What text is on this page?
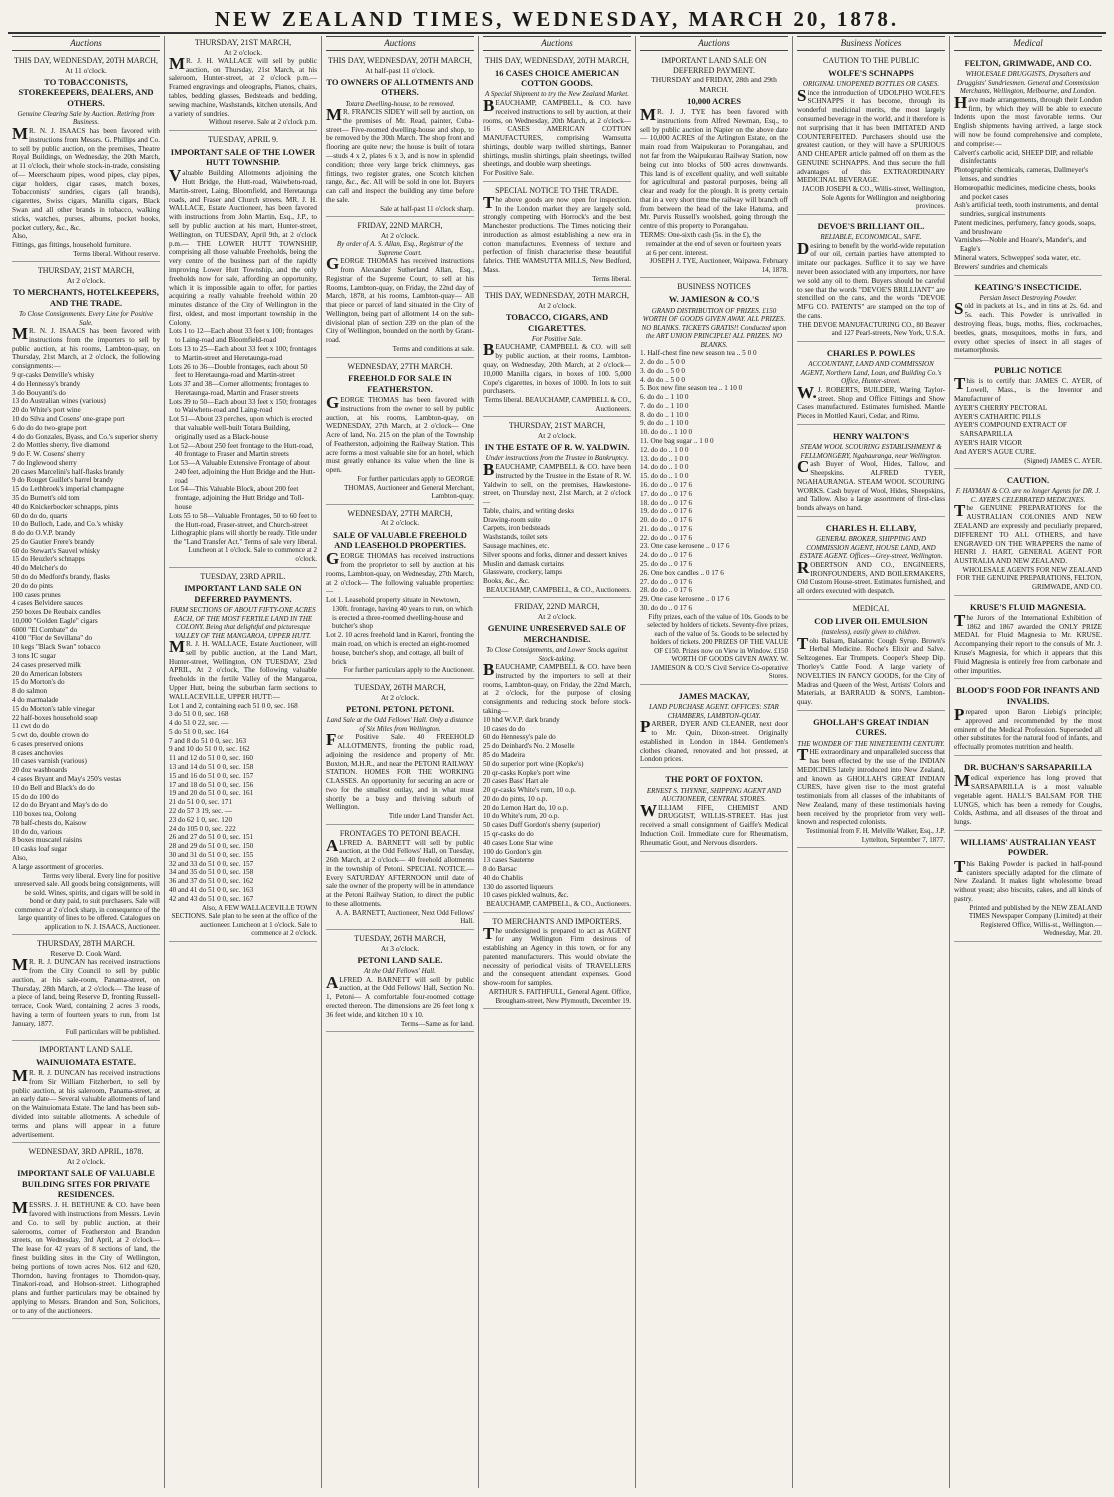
NEW ZEALAND TIMES, WEDNESDAY, MARCH 20, 1878.
Auctions
THIS DAY, WEDNESDAY, 20TH MARCH,
At 11 o'clock.
TO TOBACCONISTS, STOREKEEPERS, DEALERS, AND OTHERS.
Genuine Clearing Sale by Auction. Retiring from Business.
MR. N. J. ISAACS has been favored with instructions from Messrs. G. Phillips and Co. to sell by public auction, on the premises, Theatre Royal Buildings, on Wednesday, the 20th March, at 11 o'clock, their whole stock-in-trade, consisting of— Meerschaum pipes, wood pipes, clay pipes, cigar holders, cigar cases, match boxes, Tobacconists' sundries, cigars (all brands), cigarettes, Swiss cigars, Manilla cigars, Black Swan and all other brands in tobacco, walking sticks, watches, purses, albums, pocket books, pocket cutlery, &c., &c.
Also,
Fittings, gas fittings, household furniture.
Terms liberal. Without reserve.
THURSDAY, 21ST MARCH,
At 2 o'clock.
TO MERCHANTS, HOTELKEEPERS, AND THE TRADE.
To Close Consignments. Every Line for Positive Sale.
MR. N. J. ISAACS has been favored with instructions from the importers to sell by public auction, at his rooms, Lambton-quay, on Thursday, 21st March, at 2 o'clock, the following consignments:—
9 qr-casks Denville's whisky
4 do Hennessy's brandy
3 do Bouyanti's do
13 do Australian wines (various)
20 do White's port wine
10 do Silva and Cosens' one-grape port
6 do do do two-grape port
4 do do Gonzales, Byass, and Co.'s superior sherry
2 do Mottles sherry, five diamond
9 do F. W. Cosens' sherry
7 do Inglewood sherry
20 cases Marcelini's half-flasks brandy
9 do Rouget Guillet's barrel brandy
15 do Lethbroek's imperial champagne
35 do Burnett's old tom
40 do Knickerbocker schnapps, pints
60 do do do, quarts
10 do Bulloch, Lade, and Co.'s whisky
8 do do O.V.P. brandy
25 do Gautier Frere's brandy
60 do Stewart's Sauvel whisky
15 do Heuzler's schnapps
40 do Melcher's do
50 do do Medford's brandy, flasks
20 do do pints
100 cases prunes
4 cases Belvidere sauces
250 boxes De Reubaix candles
10,000 "Golden Eagle" cigars
6000 "El Combate" do
4100 "Flor de Sevillana" do
10 kegs "Black Swan" tobacco
3 tons IC sugar
24 cases preserved milk
20 do American lobsters
15 do Morton's do
8 do salmon
4 do marmalade
15 do Morton's table vinegar
22 half-boxes household soap
11 cwt do do
5 cwt do, double crown do
6 cases preserved onions
8 cases anchovies
10 cases varnish (various)
20 doz washboards
4 cases Bryant and May's 250's vestas
10 do Bell and Black's do do
15 do do 100 do
12 do do Bryant and May's do do
110 boxes tea, Oolong
78 half-chests do, Kaisow
10 do do, various
8 boxes muscatel raisins
10 casks loaf sugar
Also,
A large assortment of groceries.
Terms very liberal. Every line for positive unreserved sale. All goods being consignments, will be sold. Wines, spirits, and cigars will be sold in bond or duty paid, to suit purchasers. Sale will commence at 2 o'clock sharp, in consequence of the large quantity of lines to be offered. Catalogues on application to N. J. ISAACS, Auctioneer.
THURSDAY, 28TH MARCH.
Reserve D. Cook Ward.
MR. R. J. DUNCAN has received instructions from the City Council to sell by public auction, at his sale-room, Panama-street, on Thursday, 28th March, at 2 o'clock— The lease of a piece of land, being Reserve D, fronting Russell-terrace, Cook Ward, containing 2 acres 3 roods, having a term of fourteen years to run, from 1st January, 1877.
Full particulars will be published.
IMPORTANT LAND SALE.
WAINUIOMATA ESTATE.
MR. R. J. DUNCAN has received instructions from Sir William Fitzherbert, to sell by public auction, at his saleroom, Panama-street, at an early date— Several valuable allotments of land on the Wainuiomata Estate. The land has been sub-divided into suitable allotments. A schedule of terms and plans will appear in a future advertisement.
WEDNESDAY, 3RD APRIL, 1878.
At 2 o'clock.
IMPORTANT SALE OF VALUABLE BUILDING SITES FOR PRIVATE RESIDENCES.
MESSRS. J. H. BETHUNE & CO. have been favored with instructions from Messrs. Levin and Co. to sell by public auction, at their salerooms, corner of Featherston and Brandon streets, on Wednesday, 3rd April, at 2 o'clock— The lease for 42 years of 8 sections of land, the finest building sites in the City of Wellington, being portions of town acres Nos. 612 and 620, Thorndon, having frontages to Thorndon-quay, Tinakori-road, and Hobson-street. Lithographed plans and further particulars may be obtained by applying to Messrs. Brandon and Son, Solicitors, or to any of the auctioneers.
THURSDAY, 21ST MARCH,
At 2 o'clock.
MR. J. H. WALLACE will sell by public auction, on Thursday, 21st March, at his saleroom, Hunter-street, at 2 o'clock p.m.— Framed engravings and oleographs, Pianos, chairs, tables, bedding glasses, Bedsteads and bedding, sewing machine, Washstands, kitchen utensils, And a variety of sundries.
Without reserve. Sale at 2 o'clock p.m.
TUESDAY, APRIL 9.
IMPORTANT SALE OF THE LOWER HUTT TOWNSHIP.
Valuable Building Allotments adjoining the Hutt Bridge, the Hutt-road, Waiwhetu-road, Martin-street, Laing, Bloomfield, and Heretaunga roads, and Fraser and Church streets. MR. J. H. WALLACE, Estate Auctioneer, has been favored with instructions from John Martin, Esq., J.P., to sell by public auction at his mart, Hunter-street, Wellington, on TUESDAY, April 9th, at 2 o'clock p.m.— THE LOWER HUTT TOWNSHIP, comprising all those valuable Freeholds, being the very centre of the business part of the rapidly improving Lower Hutt Township, and the only freeholds now for sale, affording an opportunity, which it is impossible again to offer, for parties acquiring a really valuable freehold within 20 minutes distance of the City of Wellington in the first, oldest, and most important township in the Colony.
Lots 1 to 12—Each about 33 feet x 100; frontages to Laing-road and Bloomfield-road
Lots 13 to 25—Each about 33 feet x 100; frontages to Martin-street and Heretaunga-road
Lots 26 to 36—Double frontages, each about 50 feet to Heretaunga-road and Martin-street
Lots 37 and 38—Corner allotments; frontages to Heretaunga-road, Martin and Fraser streets
Lots 39 to 50—Each about 33 feet x 150; frontages to Waiwhetu-road and Laing-road
Lot 51—About 23 perches, upon which is erected that valuable well-built Totara Building, originally used as a Black-house
Lot 52—About 250 feet frontage to the Hutt-road, 40 frontage to Fraser and Martin streets
Lot 53—A Valuable Extensive Frontage of about 240 feet, adjoining the Hutt Bridge and the Hutt-road
Lot 54—This Valuable Block, about 200 feet frontage, adjoining the Hutt Bridge and Toll-house
Lots 55 to 58—Valuable Frontages, 50 to 60 feet to the Hutt-road, Fraser-street, and Church-street
Lithographic plans will shortly be ready. Title under the "Land Transfer Act." Terms of sale very liberal. Luncheon at 1 o'clock. Sale to commence at 2 o'clock.
TUESDAY, 23RD APRIL.
IMPORTANT LAND SALE ON DEFERRED PAYMENTS.
FARM SECTIONS OF ABOUT FIFTY-ONE ACRES EACH, OF THE MOST FERTILE LAND IN THE COLONY. Being that delightful and picturesque VALLEY OF THE MANGAROA, UPPER HUTT.
MR. J. H. WALLACE, Estate Auctioneer, will sell by public auction, at the Land Mart, Hunter-street, Wellington, ON TUESDAY, 23rd APRIL, At 2 o'clock, The following valuable freeholds in the fertile Valley of the Mangaroa, Upper Hutt, being the suburban farm sections to WALLACEVILLE, UPPER HUTT:—
Lot 1 and 2, containing each 51 0 0, sec. 168
3 do 51 0 0, sec. 168
4 do 51 0 22, sec. —
5 do 51 0 0, sec. 164
7 and 8 do 51 0 0, sec. 163
9 and 10 do 51 0 0, sec. 162
11 and 12 do 51 0 0, sec. 160
13 and 14 do 51 0 0, sec. 158
15 and 16 do 51 0 0, sec. 157
17 and 18 do 51 0 0, sec. 156
19 and 20 do 51 0 0, sec. 161
21 do 51 0 0, sec. 171
22 do 57 3 19, sec. —
23 do 62 1 0, sec. 120
24 do 105 0 0, sec. 222
26 and 27 do 51 0 0, sec. 151
28 and 29 do 51 0 0, sec. 150
30 and 31 do 51 0 0, sec. 155
32 and 33 do 51 0 0, sec. 157
34 and 35 do 51 0 0, sec. 158
36 and 37 do 51 0 0, sec. 162
40 and 41 do 51 0 0, sec. 163
42 and 43 do 51 0 0, sec. 167
Also, A FEW WALLACEVILLE TOWN SECTIONS. Sale plan to be seen at the office of the auctioneer. Luncheon at 1 o'clock. Sale to commence at 2 o'clock.
Auctions
THIS DAY, WEDNESDAY, 20TH MARCH,
At half-past 11 o'clock.
TO OWNERS OF ALLOTMENTS AND OTHERS.
Totara Dwelling-house, to be removed.
MR. FRANCIS SIDEY will sell by auction, on the premises of Mr. Read, painter, Cuba-street— Five-roomed dwelling-house and shop, to be removed by the 30th March. The shop front and flooring are quite new; the house is built of totara—studs 4 x 2, plates 6 x 3, and is now in splendid condition; three very large brick chimneys, gas fittings, two register grates, one Scotch kitchen range, &c., &c. All will be sold in one lot. Buyers can call and inspect the building any time before the sale.
Sale at half-past 11 o'clock sharp.
FRIDAY, 22ND MARCH,
At 2 o'clock.
By order of A. S. Allan, Esq., Registrar of the Supreme Court.
GEORGE THOMAS has received instructions from Alexander Sutherland Allan, Esq., Registrar of the Supreme Court, to sell at his Rooms, Lambton-quay, on Friday, the 22nd day of March, 1878, at his rooms, Lambton-quay— All that piece or parcel of land situated in the City of Wellington, being part of allotment 14 on the sub-divisional plan of section 239 on the plan of the City of Wellington, bounded on the north by Grant-road.
Terms and conditions at sale.
WEDNESDAY, 27TH MARCH.
FREEHOLD FOR SALE IN FEATHERSTON.
GEORGE THOMAS has been favored with instructions from the owner to sell by public auction, at his rooms, Lambton-quay, on WEDNESDAY, 27th March, at 2 o'clock— One Acre of land, No. 215 on the plan of the Township of Featherston, adjoining the Railway Station. This acre forms a most valuable site for an hotel, which must greatly enhance its value when the line is open.
For further particulars apply to GEORGE THOMAS, Auctioneer and General Merchant, Lambton-quay.
WEDNESDAY, 27TH MARCH,
At 2 o'clock.
SALE OF VALUABLE FREEHOLD AND LEASEHOLD PROPERTIES.
GEORGE THOMAS has received instructions from the proprietor to sell by auction at his rooms, Lambton-quay, on Wednesday, 27th March, at 2 o'clock— The following valuable properties:—
Lot 1. Leasehold property situate in Newtown, 130ft. frontage, having 40 years to run, on which is erected a three-roomed dwelling-house and butcher's shop
Lot 2. 10 acres freehold land in Karori, fronting the main road, on which is erected an eight-roomed house, butcher's shop, and cottage, all built of brick
For further particulars apply to the Auctioneer.
TUESDAY, 26TH MARCH,
At 2 o'clock.
PETONI. PETONI. PETONI.
Land Sale at the Odd Fellows' Hall. Only a distance of Six Miles from Wellington.
For Positive Sale. 40 FREEHOLD ALLOTMENTS, fronting the public road, adjoining the residence and property of Mr. Buxton, M.H.R., and near the PETONI RAILWAY STATION. HOMES FOR THE WORKING CLASSES. An opportunity for securing an acre or two for the smallest outlay, and in what must shortly be a busy and thriving suburb of Wellington.
Title under Land Transfer Act.
FRONTAGES TO PETONI BEACH.
ALFRED A. BARNETT will sell by public auction, at the Odd Fellows' Hall, on Tuesday, 26th March, at 2 o'clock— 40 freehold allotments in the township of Petoni. SPECIAL NOTICE.—Every SATURDAY AFTERNOON until date of sale the owner of the property will be in attendance at the Petoni Railway Station, to direct the public to these allotments.
A. A. BARNETT, Auctioneer, Next Odd Fellows' Hall.
TUESDAY, 26TH MARCH,
At 3 o'clock.
PETONI LAND SALE.
At the Odd Fellows' Hall.
ALFRED A. BARNETT will sell by public auction, at the Odd Fellows' Hall, Section No. 1, Petoni— A comfortable four-roomed cottage erected thereon. The dimensions are 26 feet long x 36 feet wide, and kitchen 10 x 10.
Terms—Same as for land.
Auctions
THIS DAY, WEDNESDAY, 20TH MARCH,
16 CASES CHOICE AMERICAN COTTON GOODS.
A Special Shipment to try the New Zealand Market.
BEAUCHAMP, CAMPBELL, & CO. have received instructions to sell by auction, at their rooms, on Wednesday, 20th March, at 2 o'clock— 16 CASES AMERICAN COTTON MANUFACTURES, comprising Wamsutta shirtings, double warp twilled shirtings, Banner shirtings, muslin shirtings, plain sheetings, twilled sheetings, and double warp sheetings.
For Positive Sale.
SPECIAL NOTICE TO THE TRADE.
The above goods are now open for inspection. In the London market they are largely sold, strongly competing with Horrock's and the best Manchester productions. The Times noticing their introduction as almost establishing a new era in cotton manufactures. Evenness of texture and perfection of finish characterise these beautiful fabrics. THE WAMSUTTA MILLS, New Bedford, Mass.
Terms liberal.
THIS DAY, WEDNESDAY, 20TH MARCH,
At 2 o'clock.
TOBACCO, CIGARS, AND CIGARETTES.
For Positive Sale.
BEAUCHAMP, CAMPBELL & CO. will sell by public auction, at their rooms, Lambton-quay, on Wednesday, 20th March, at 2 o'clock— 10,000 Manilla cigars, in boxes of 100. 5,000 Cope's cigarettes, in boxes of 1000. In lots to suit purchasers.
Terms liberal. BEAUCHAMP, CAMPBELL & CO., Auctioneers.
THURSDAY, 21ST MARCH,
At 2 o'clock.
IN THE ESTATE OF R. W. YALDWIN.
Under instructions from the Trustee in Bankruptcy.
BEAUCHAMP, CAMPBELL & CO. have been instructed by the Trustee in the Estate of R. W. Yaldwin to sell, on the premises, Hawkestone-street, on Thursday next, 21st March, at 2 o'clock—
Table, chairs, and writing desks
Drawing-room suite
Carpets, iron bedsteads
Washstands, toilet sets
Sausage machines, etc.
Silver spoons and forks, dinner and dessert knives
Muslin and damask curtains
Glassware, crockery, lamps
Books, &c., &c.
BEAUCHAMP, CAMPBELL, & CO., Auctioneers.
FRIDAY, 22ND MARCH,
At 2 o'clock.
GENUINE UNRESERVED SALE OF MERCHANDISE.
To Close Consignments, and Lower Stocks against Stock-taking.
BEAUCHAMP, CAMPBELL & CO. have been instructed by the importers to sell at their rooms, Lambton-quay, on Friday, the 22nd March, at 2 o'clock, for the purpose of closing consignments and reducing stock before stock-taking—
10 hhd W.V.P. dark brandy
10 cases do do
60 do Hennessy's pale do
25 do Deinhard's No. 2 Moselle
85 do Madeira
50 do superior port wine (Kopke's)
20 qr-casks Kopke's port wine
20 cases Bass' Hart ale
20 qr-casks White's rum, 10 o.p.
20 do do pints, 10 o.p.
20 do Lemon Hart do, 10 o.p.
10 do White's rum, 20 o.p.
50 cases Duff Gordon's sherry (superior)
15 qr-casks do do
40 cases Lone Star wine
100 do Gordon's gin
13 cases Sauterne
8 do Barsac
40 do Chablis
130 do assorted liqueurs
10 cases pickled walnuts, &c.
BEAUCHAMP, CAMPBELL, & CO., Auctioneers.
TO MERCHANTS AND IMPORTERS.
The undersigned is prepared to act as AGENT for any Wellington Firm desirous of establishing an Agency in this town, or for any patented manufacturers. This would obviate the necessity of periodical visits of TRAVELLERS and the consequent attendant expenses. Good show-room for samples.
ARTHUR S. FAITHFULL, General Agent. Office, Brougham-street, New Plymouth, December 19.
Auctions
IMPORTANT LAND SALE ON DEFERRED PAYMENT.
THURSDAY and FRIDAY, 28th and 29th MARCH.
10,000 ACRES
MR. J. J. TYE has been favored with instructions from Alfred Newman, Esq., to sell by public auction in Napier on the above date— 10,000 ACRES of the Arlington Estate, on the main road from Waipukurau to Porangahau, and not far from the Waipukurau Railway Station, now being cut into blocks of 500 acres downwards. This land is of excellent quality, and well suitable for agricultural and pastoral purposes, being all clear and ready for the plough. It is pretty certain that in a very short time the railway will branch off from between the head of the lake Hatuma, and Mr. Purvis Russell's woolshed, going through the centre of this property to Porangahau.
TERMS: One-sixth cash (5s. in the £), the remainder at the end of seven or fourteen years at 6 per cent. interest.
JOSEPH J. TYE, Auctioneer, Waipawa. February 14, 1878.
BUSINESS NOTICES
W. JAMIESON & CO.'S
GRAND DISTRIBUTION OF PRIZES. £150 WORTH OF GOODS GIVEN AWAY. ALL PRIZES. NO BLANKS. TICKETS GRATIS!! Conducted upon the ART UNION PRINCIPLE! ALL PRIZES. NO BLANKS.
1. Half-chest fine new season tea .. 5 0 0
2. do do .. 5 0 0
3. do do .. 5 0 0
4. do do .. 5 0 0
5. Box new fine season tea .. 1 10 0
6. do do .. 1 10 0
7. do do .. 1 10 0
8. do do .. 1 10 0
9. do do .. 1 10 0
10. do do .. 1 10 0
11. One bag sugar .. 1 0 0
12. do do .. 1 0 0
13. do do .. 1 0 0
14. do do .. 1 0 0
15. do do .. 1 0 0
16. do do .. 0 17 6
17. do do .. 0 17 6
18. do do .. 0 17 6
19. do do .. 0 17 6
20. do do .. 0 17 6
21. do do .. 0 17 6
22. do do .. 0 17 6
23. One case kerosene .. 0 17 6
24. do do .. 0 17 6
25. do do .. 0 17 6
26. One box candles .. 0 17 6
27. do do .. 0 17 6
28. do do .. 0 17 6
29. One case kerosene .. 0 17 6
30. do do .. 0 17 6
Fifty prizes, each of the value of 10s. Goods to be selected by holders of tickets. Seventy-five prizes, each of the value of 5s. Goods to be selected by holders of tickets. 200 PRIZES OF THE VALUE OF £150. Prizes now on View in Window. £150 WORTH OF GOODS GIVEN AWAY. W. JAMIESON & CO.'S Civil Service Co-operative Stores.
JAMES MACKAY,
LAND PURCHASE AGENT. OFFICES: STAR CHAMBERS, LAMBTON-QUAY.
PARBER, DYER AND CLEANER, next door to Mr. Quin, Dixon-street. Originally established in London in 1844. Gentlemen's clothes cleaned, renovated and hot pressed, at London prices.
THE PORT OF FOXTON.
ERNEST S. THYNNE, SHIPPING AGENT AND AUCTIONEER, CENTRAL STORES.
WILLIAM FIFE, CHEMIST AND DRUGGIST, WILLIS-STREET. Has just received a small consignment of Gaiffe's Medical Induction Coil. Immediate cure for Rheumatism, Rheumatic Gout, and Nervous disorders.
Business Notices
CAUTION TO THE PUBLIC
WOLFE'S SCHNAPPS
ORIGINAL UNOPENED BOTTLES OR CASES.
Since the introduction of UDOLPHO WOLFE'S SCHNAPPS it has become, through its wonderful medicinal merits, the most largely consumed beverage in the world, and it therefore is not surprising that it has been IMITATED AND COUNTERFEITED. Purchasers should use the greatest caution, or they will have a SPURIOUS AND CHEAPER article palmed off on them as the GENUINE SCHNAPPS. And thus secure the full advantages of this EXTRAORDINARY MEDICINAL BEVERAGE.
JACOB JOSEPH & CO., Willis-street, Wellington, Sole Agents for Wellington and neighboring provinces.
DEVOE'S BRILLIANT OIL.
RELIABLE, ECONOMICAL, SAFE.
Desiring to benefit by the world-wide reputation of our oil, certain parties have attempted to imitate our packages. Suffice it to say we have never been associated with any importers, nor have we sold any oil to them. Buyers should be careful to see that the words "DEVOE'S BRILLIANT" are stencilled on the cans, and the words "DEVOE MF'G CO. PATENTS" are stamped on the top of the cans.
THE DEVOE MANUFACTURING CO., 80 Beaver and 127 Pearl-streets, New York, U.S.A.
CHARLES P. POWLES
ACCOUNTANT, LAND AND COMMISSION AGENT, Northern Land, Loan, and Building Co.'s Office, Hunter-street.
W.J. ROBERTS, BUILDER, Waring Taylor-street. Shop and Office Fittings and Show Cases manufactured. Estimates furnished. Mantle Pieces in Mottled Kauri, Cedar, and Rimu.
HENRY WALTON'S
STEAM WOOL SCOURING ESTABLISHMENT & FELLMONGERY, Ngahauranga, near Wellington.
Cash Buyer of Wool, Hides, Tallow, and Sheepskins. ALFRED TYER, NGAHAURANGA. STEAM WOOL SCOURING WORKS. Cash buyer of Wool, Hides, Sheepskins, and Tallow. Also a large assortment of first-class bonds always on hand.
CHARLES H. ELLABY,
GENERAL BROKER, SHIPPING AND COMMISSION AGENT, HOUSE LAND, AND ESTATE AGENT. Offices—Grey-street, Wellington.
ROBERTSON AND CO., ENGINEERS, IRONFOUNDERS, AND BOILERMAKERS, Old Custom House-street. Estimates furnished, and all orders executed with despatch.
MEDICAL
COD LIVER OIL EMULSION
(tasteless), easily given to children.
Tolu Balsam, Balsamic Cough Syrup. Brown's Herbal Medicine. Roche's Elixir and Salve. Seltzogenes. Ear Trumpets. Cooper's Sheep Dip. Thorley's Cattle Food. A large variety of NOVELTIES IN FANCY GOODS, for the City of Madras and Queen of the West, Artists' Colors and Materials, at BARRAUD & SON'S, Lambton-quay.
GHOLLAH'S GREAT INDIAN CURES.
THE WONDER OF THE NINETEENTH CENTURY.
THE extraordinary and unparalleled success that has been effected by the use of the INDIAN MEDICINES lately introduced into New Zealand, and known as GHOLLAH'S GREAT INDIAN CURES, have given rise to the most grateful testimonials from all classes of the inhabitants of New Zealand, many of these testimonials having been received by the proprietor from very well-known and respected colonists.
Testimonial from F. H. Melville Walker, Esq., J.P. Lyttelton, September 7, 1877.
Medical
FELTON, GRIMWADE, AND CO.
WHOLESALE DRUGGISTS, Drysalters and Druggists' Sundriesmen. General and Commission Merchants, Wellington, Melbourne, and London.
Have made arrangements, through their London firm, by which they will be able to execute Indents upon the most favorable terms. Our English shipments having arrived, a large stock will now be found comprehensive and complete, and comprise:—
Calvert's carbolic acid, SHEEP DIP, and reliable disinfectants
Photographic chemicals, cameras, Dallmeyer's lenses, and sundries
Homœopathic medicines, medicine chests, books and pocket cases
Ash's artificial teeth, tooth instruments, and dental sundries, surgical instruments
Patent medicines, perfumery, fancy goods, soaps, and brushware
Varnishes—Noble and Hoare's, Mander's, and Eagle's
Mineral waters, Schweppes' soda water, etc.
Brewers' sundries and chemicals
KEATING'S INSECTICIDE.
Persian Insect Destroying Powder.
Sold in packets at 1s., and in tins at 2s. 6d. and 5s. each. This Powder is unrivalled in destroying fleas, bugs, moths, flies, cockroaches, beetles, gnats, mosquitoes, moths in furs, and every other species of insect in all stages of metamorphosis.
PUBLIC NOTICE
This is to certify that: JAMES C. AYER, of Lowell, Mass., is the Inventor and Manufacturer of
AYER'S CHERRY PECTORAL
AYER'S CATHARTIC PILLS
AYER'S COMPOUND EXTRACT OF SARSAPARILLA
AYER'S HAIR VIGOR
And AYER'S AGUE CURE.
(Signed) JAMES C. AYER.
CAUTION.
F. HAYMAN & CO. are no longer Agents for DR. J. C. AYER'S CELEBRATED MEDICINES.
The GENUINE PREPARATIONS for the AUSTRALIAN COLONIES AND NEW ZEALAND are expressly and peculiarly prepared, DIFFERENT TO ALL OTHERS, and have ENGRAVED ON THE WRAPPERS the name of HENRI J. HART, GENERAL AGENT FOR AUSTRALIA AND NEW ZEALAND.
WHOLESALE AGENTS FOR NEW ZEALAND FOR THE GENUINE PREPARATIONS, FELTON, GRIMWADE, AND CO.
KRUSE'S FLUID MAGNESIA.
The Jurors of the International Exhibition of 1862 and 1867 awarded the ONLY PRIZE MEDAL for Fluid Magnesia to Mr. KRUSE. Accompanying their report to the consuls of Mr. J. Kruse's Magnesia, for which it appears that this Fluid Magnesia is entirely free from carbonate and other impurities.
BLOOD'S FOOD FOR INFANTS AND INVALIDS.
Prepared upon Baron Liebig's principle; approved and recommended by the most eminent of the Medical Profession. Superseded all other substitutes for the natural food of infants, and effectually promotes nutrition and health.
DR. BUCHAN'S SARSAPARILLA
Medical experience has long proved that SARSAPARILLA is a most valuable vegetable agent. HALL'S BALSAM FOR THE LUNGS, which has been a remedy for Coughs, Colds, Asthma, and all diseases of the throat and lungs.
WILLIAMS' AUSTRALIAN YEAST POWDER.
This Baking Powder is packed in half-pound canisters specially adapted for the climate of New Zealand. It makes light wholesome bread without yeast; also biscuits, cakes, and all kinds of pastry.
Printed and published by the NEW ZEALAND TIMES Newspaper Company (Limited) at their Registered Office, Willis-st., Wellington.—Wednesday, Mar. 20.
